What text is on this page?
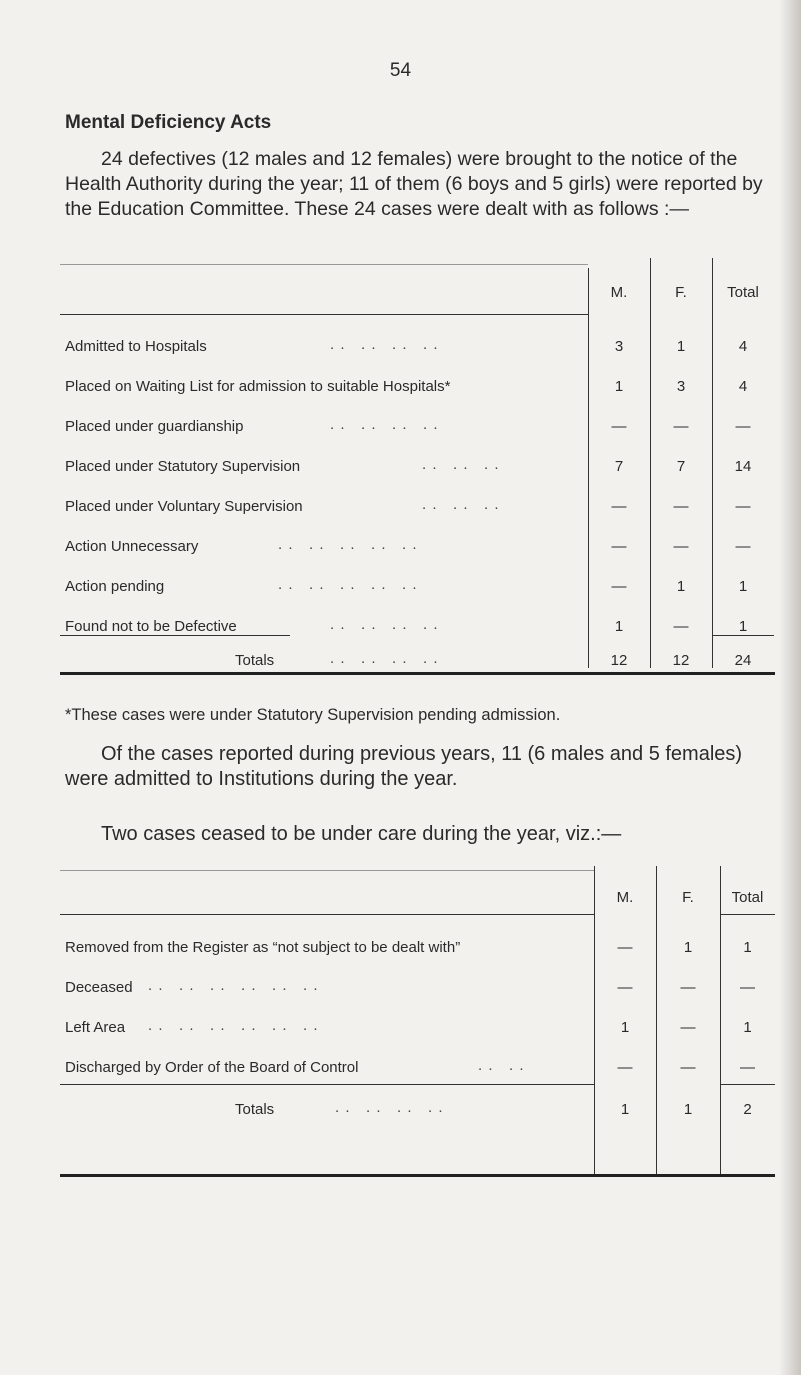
54
Mental Deficiency Acts
24 defectives (12 males and 12 females) were brought to the notice of the Health Authority during the year; 11 of them (6 boys and 5 girls) were reported by the Education Committee. These 24 cases were dealt with as follows :—
M.	F.	Total
Admitted to Hospitals	. .   . .   . .   . .	3	1	4
Placed on Waiting List for admission to suitable Hospitals*	1	3	4
Placed under guardianship	. .   . .   . .   . .	—	—	—
Placed under Statutory Supervision	. .   . .   . .	7	7	14
Placed under Voluntary Supervision	. .   . .   . .	—	—	—
Action Unnecessary	. .   . .   . .   . .   . .	—	—	—
Action pending	. .   . .   . .   . .   . .	—	1	1
Found not to be Defective	. .   . .   . .   . .	1	—	1
Totals	. .   . .   . .   . .	12	12	24
*These cases were under Statutory Supervision pending admission.
Of the cases reported during previous years, 11 (6 males and 5 females) were admitted to Institutions during the year.
Two cases ceased to be under care during the year, viz.:—
M.	F.	Total
Removed from the Register as “not subject to be dealt with”	—	1	1
Deceased . .   . .   . .   . .   . .   . .	—	—	—
Left Area . .   . .   . .   . .   . .   . .	1	—	1
Discharged by Order of the Board of Control	. .   . .	—	—	—
Totals	. .   . .   . .   . .	1	1	2
